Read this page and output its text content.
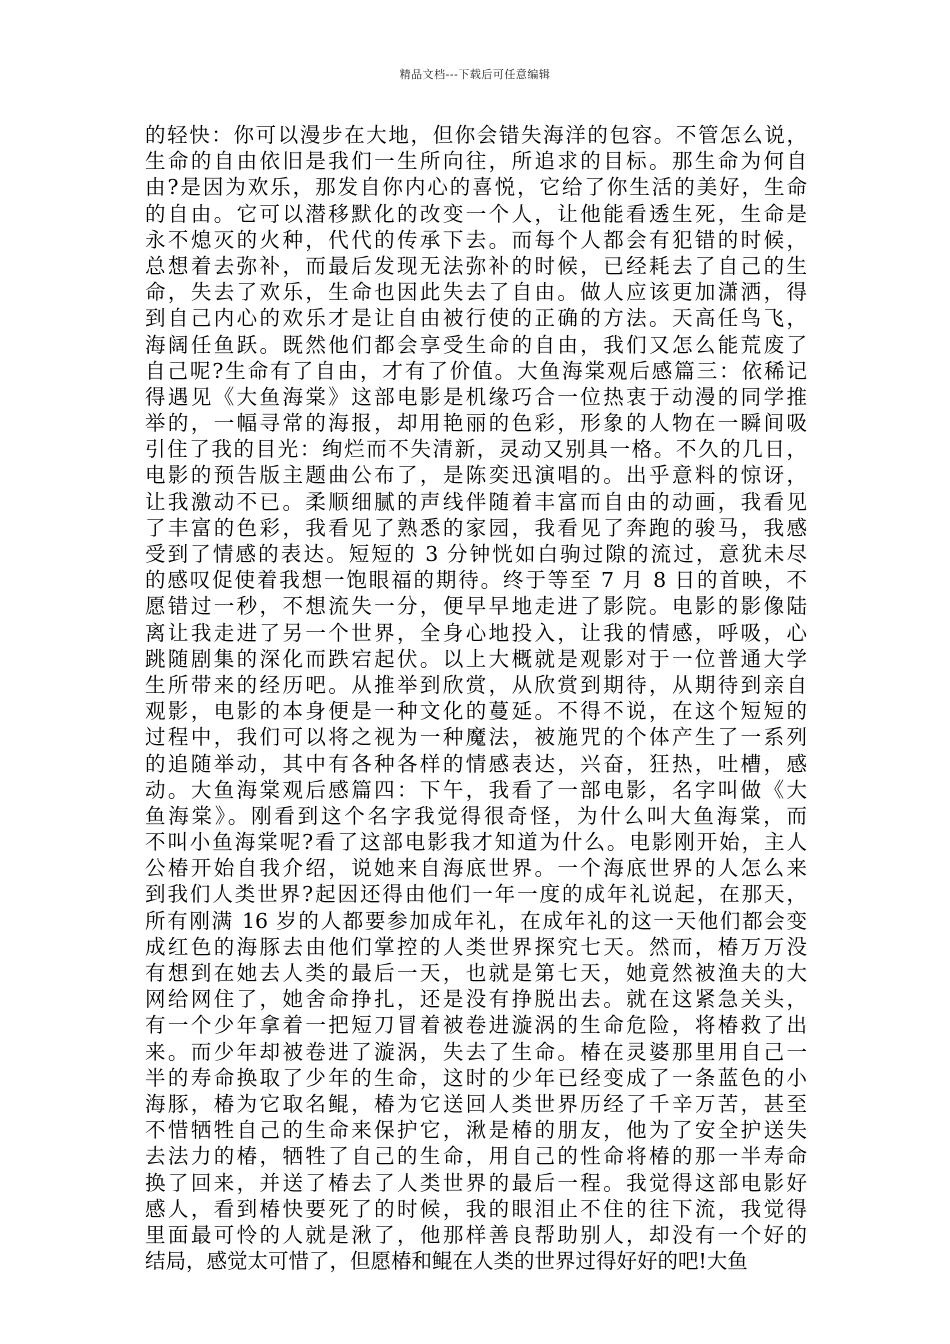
精品文档---下载后可任意编辑
的轻快：你可以漫步在大地，但你会错失海洋的包容。不管怎么说，
生命的自由依旧是我们一生所向往，所追求的目标。那生命为何自
由?是因为欢乐，那发自你内心的喜悦，它给了你生活的美好，生命
的自由。它可以潜移默化的改变一个人，让他能看透生死，生命是
永不熄灭的火种，代代的传承下去。而每个人都会有犯错的时候，
总想着去弥补，而最后发现无法弥补的时候，已经耗去了自己的生
命，失去了欢乐，生命也因此失去了自由。做人应该更加潇洒，得
到自己内心的欢乐才是让自由被行使的正确的方法。天高任鸟飞，
海阔任鱼跃。既然他们都会享受生命的自由，我们又怎么能荒废了
自己呢?生命有了自由，才有了价值。大鱼海棠观后感篇三：依稀记
得遇见《大鱼海棠》这部电影是机缘巧合一位热衷于动漫的同学推
举的，一幅寻常的海报，却用艳丽的色彩，形象的人物在一瞬间吸
引住了我的目光：绚烂而不失清新，灵动又别具一格。不久的几日，
电影的预告版主题曲公布了，是陈奕迅演唱的。出乎意料的惊讶，
让我激动不已。柔顺细腻的声线伴随着丰富而自由的动画，我看见
了丰富的色彩，我看见了熟悉的家园，我看见了奔跑的骏马，我感
受到了情感的表达。短短的 3 分钟恍如白驹过隙的流过，意犹未尽
的感叹促使着我想一饱眼福的期待。终于等至 7 月 8 日的首映，不
愿错过一秒，不想流失一分，便早早地走进了影院。电影的影像陆
离让我走进了另一个世界，全身心地投入，让我的情感，呼吸，心
跳随剧集的深化而跌宕起伏。以上大概就是观影对于一位普通大学
生所带来的经历吧。从推举到欣赏，从欣赏到期待，从期待到亲自
观影，电影的本身便是一种文化的蔓延。不得不说，在这个短短的
过程中，我们可以将之视为一种魔法，被施咒的个体产生了一系列
的追随举动，其中有各种各样的情感表达，兴奋，狂热，吐槽，感
动。大鱼海棠观后感篇四：下午，我看了一部电影，名字叫做《大
鱼海棠》。刚看到这个名字我觉得很奇怪，为什么叫大鱼海棠，而
不叫小鱼海棠呢?看了这部电影我才知道为什么。电影刚开始，主人
公椿开始自我介绍，说她来自海底世界。一个海底世界的人怎么来
到我们人类世界?起因还得由他们一年一度的成年礼说起，在那天，
所有刚满 16 岁的人都要参加成年礼，在成年礼的这一天他们都会变
成红色的海豚去由他们掌控的人类世界探究七天。然而，椿万万没
有想到在她去人类的最后一天，也就是第七天，她竟然被渔夫的大
网给网住了，她舍命挣扎，还是没有挣脱出去。就在这紧急关头，
有一个少年拿着一把短刀冒着被卷进漩涡的生命危险，将椿救了出
来。而少年却被卷进了漩涡，失去了生命。椿在灵婆那里用自己一
半的寿命换取了少年的生命，这时的少年已经变成了一条蓝色的小
海豚，椿为它取名鲲，椿为它送回人类世界历经了千辛万苦，甚至
不惜牺牲自己的生命来保护它，湫是椿的朋友，他为了安全护送失
去法力的椿，牺牲了自己的生命，用自己的性命将椿的那一半寿命
换了回来，并送了椿去了人类世界的最后一程。我觉得这部电影好
感人，看到椿快要死了的时候，我的眼泪止不住的往下流，我觉得
里面最可怜的人就是湫了，他那样善良帮助别人，却没有一个好的
结局，感觉太可惜了，但愿椿和鲲在人类的世界过得好好的吧!大鱼
